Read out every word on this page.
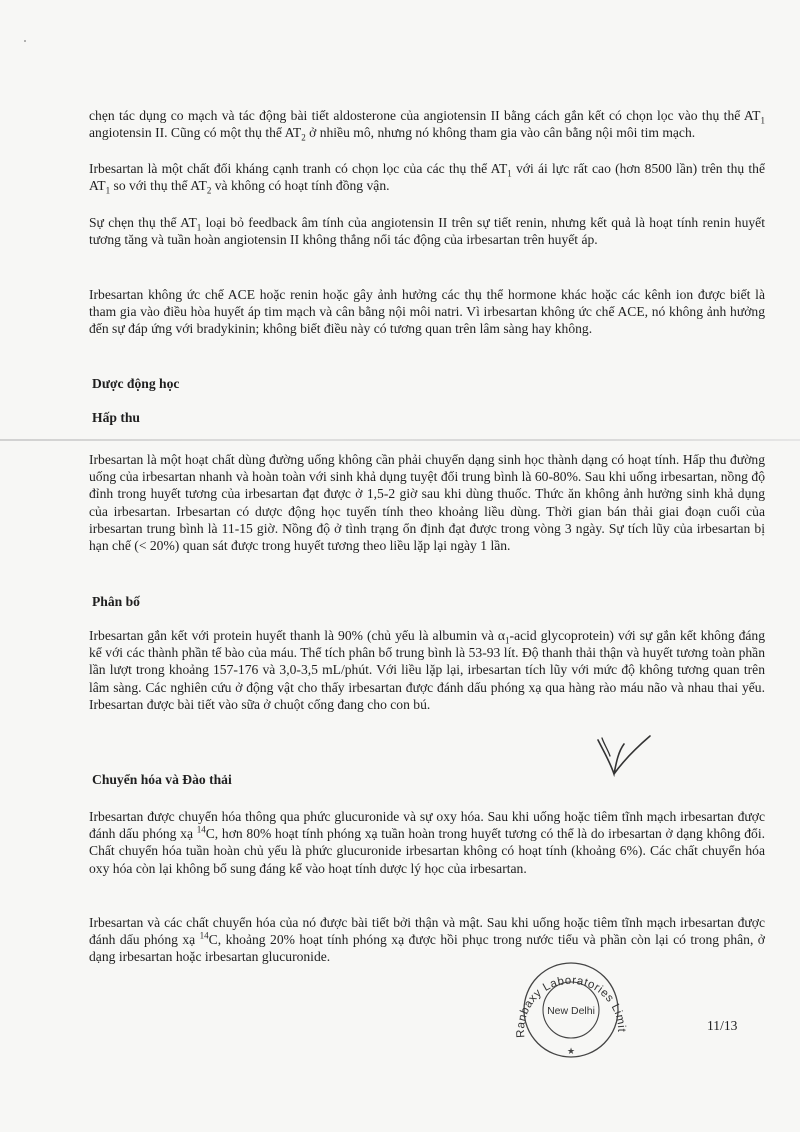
chẹn tác dụng co mạch và tác động bài tiết aldosterone của angiotensin II bằng cách gắn kết có chọn lọc vào thụ thể $AT_1$ angiotensin II. Cũng có một thụ thể $AT_2$ ở nhiều mô, nhưng nó không tham gia vào cân bằng nội môi tim mạch.
Irbesartan là một chất đối kháng cạnh tranh có chọn lọc của các thụ thể $AT_1$ với ái lực rất cao (hơn 8500 lần) trên thụ thể $AT_1$ so với thụ thể $AT_2$ và không có hoạt tính đồng vận.
Sự chẹn thụ thể $AT_1$ loại bỏ feedback âm tính của angiotensin II trên sự tiết renin, nhưng kết quả là hoạt tính renin huyết tương tăng và tuần hoàn angiotensin II không thắng nổi tác động của irbesartan trên huyết áp.
Irbesartan không ức chế ACE hoặc renin hoặc gây ảnh hưởng các thụ thể hormone khác hoặc các kênh ion được biết là tham gia vào điều hòa huyết áp tim mạch và cân bằng nội môi natri. Vì irbesartan không ức chế ACE, nó không ảnh hưởng đến sự đáp ứng với bradykinin; không biết điều này có tương quan trên lâm sàng hay không.
Dược động học
Hấp thu
Irbesartan là một hoạt chất dùng đường uống không cần phải chuyển dạng sinh học thành dạng có hoạt tính. Hấp thu đường uống của irbesartan nhanh và hoàn toàn với sinh khả dụng tuyệt đối trung bình là 60-80%. Sau khi uống irbesartan, nồng độ đỉnh trong huyết tương của irbesartan đạt được ở 1,5-2 giờ sau khi dùng thuốc. Thức ăn không ảnh hưởng sinh khả dụng của irbesartan. Irbesartan có dược động học tuyến tính theo khoảng liều dùng. Thời gian bán thải giai đoạn cuối của irbesartan trung bình là 11-15 giờ. Nồng độ ở tình trạng ổn định đạt được trong vòng 3 ngày. Sự tích lũy của irbesartan bị hạn chế (< 20%) quan sát được trong huyết tương theo liều lặp lại ngày 1 lần.
Phân bố
Irbesartan gắn kết với protein huyết thanh là 90% (chủ yếu là albumin và $\alpha_1$-acid glycoprotein) với sự gắn kết không đáng kể với các thành phần tế bào của máu. Thể tích phân bố trung bình là 53-93 lít. Độ thanh thải thận và huyết tương toàn phần lần lượt trong khoảng 157-176 và 3,0-3,5 mL/phút. Với liều lặp lại, irbesartan tích lũy với mức độ không tương quan trên lâm sàng. Các nghiên cứu ở động vật cho thấy irbesartan được đánh dấu phóng xạ qua hàng rào máu não và nhau thai yếu. Irbesartan được bài tiết vào sữa ở chuột cống đang cho con bú.
Chuyển hóa và Đào thải
Irbesartan được chuyển hóa thông qua phức glucuronide và sự oxy hóa. Sau khi uống hoặc tiêm tĩnh mạch irbesartan được đánh dấu phóng xạ $^{14}$C, hơn 80% hoạt tính phóng xạ tuần hoàn trong huyết tương có thể là do irbesartan ở dạng không đổi. Chất chuyển hóa tuần hoàn chủ yếu là phức glucuronide irbesartan không có hoạt tính (khoảng 6%). Các chất chuyển hóa oxy hóa còn lại không bổ sung đáng kể vào hoạt tính dược lý học của irbesartan.
Irbesartan và các chất chuyển hóa của nó được bài tiết bởi thận và mật. Sau khi uống hoặc tiêm tĩnh mạch irbesartan được đánh dấu phóng xạ $^{14}$C, khoảng 20% hoạt tính phóng xạ được hồi phục trong nước tiểu và phần còn lại có trong phân, ở dạng irbesartan hoặc irbesartan glucuronide.
Ranbaxy Laboratories Limit
New Delhi
★
11/13
